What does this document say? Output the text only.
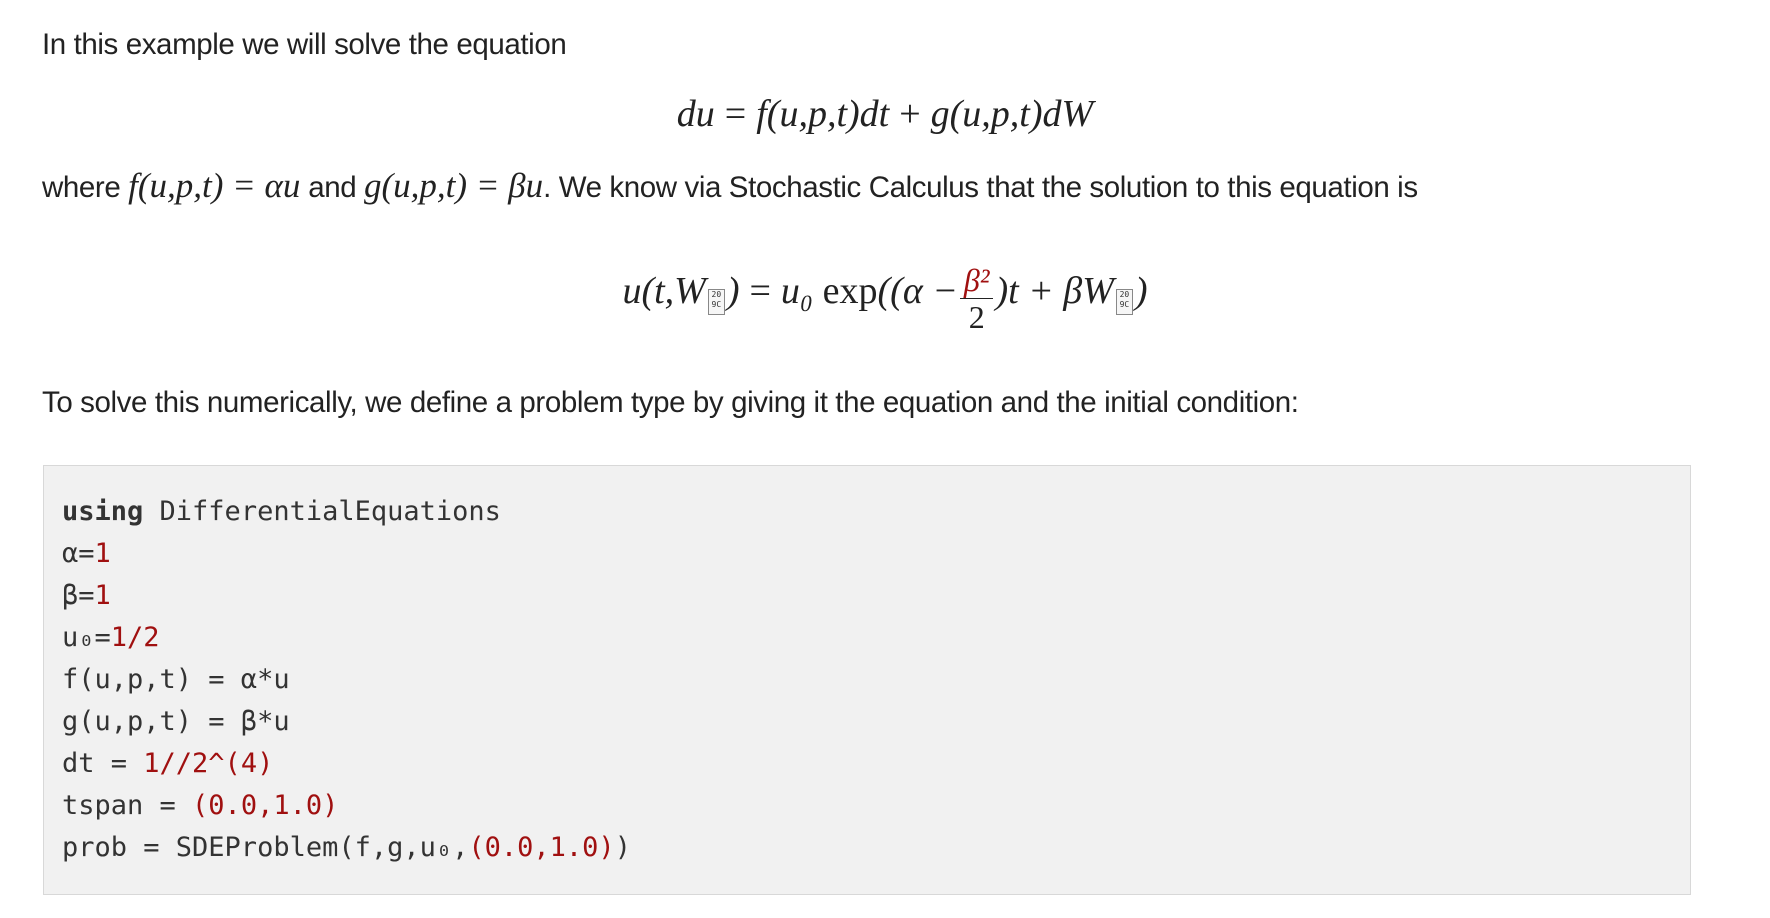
In this example we will solve the equation

du = f(u,p,t)dt + g(u,p,t)dW

where f(u,p,t) = αu and g(u,p,t) = βu. We know via Stochastic Calculus that the solution to this equation is

u(t,W 20 9C ) = u₀ $\exp((\alpha - \frac{\text{β²}}{2} )t + \beta W$ 20 9C )

To solve this numerically, we define a problem type by giving it the equation and the initial condition:

using DifferentialEquations
α=1
β=1
u₀=1/2
f(u,p,t) = α*u
g(u,p,t) = β*u
dt = 1//2^(4)
tspan = (0.0,1.0)
prob = SDEProblem(f,g,u₀,(0.0,1.0))
